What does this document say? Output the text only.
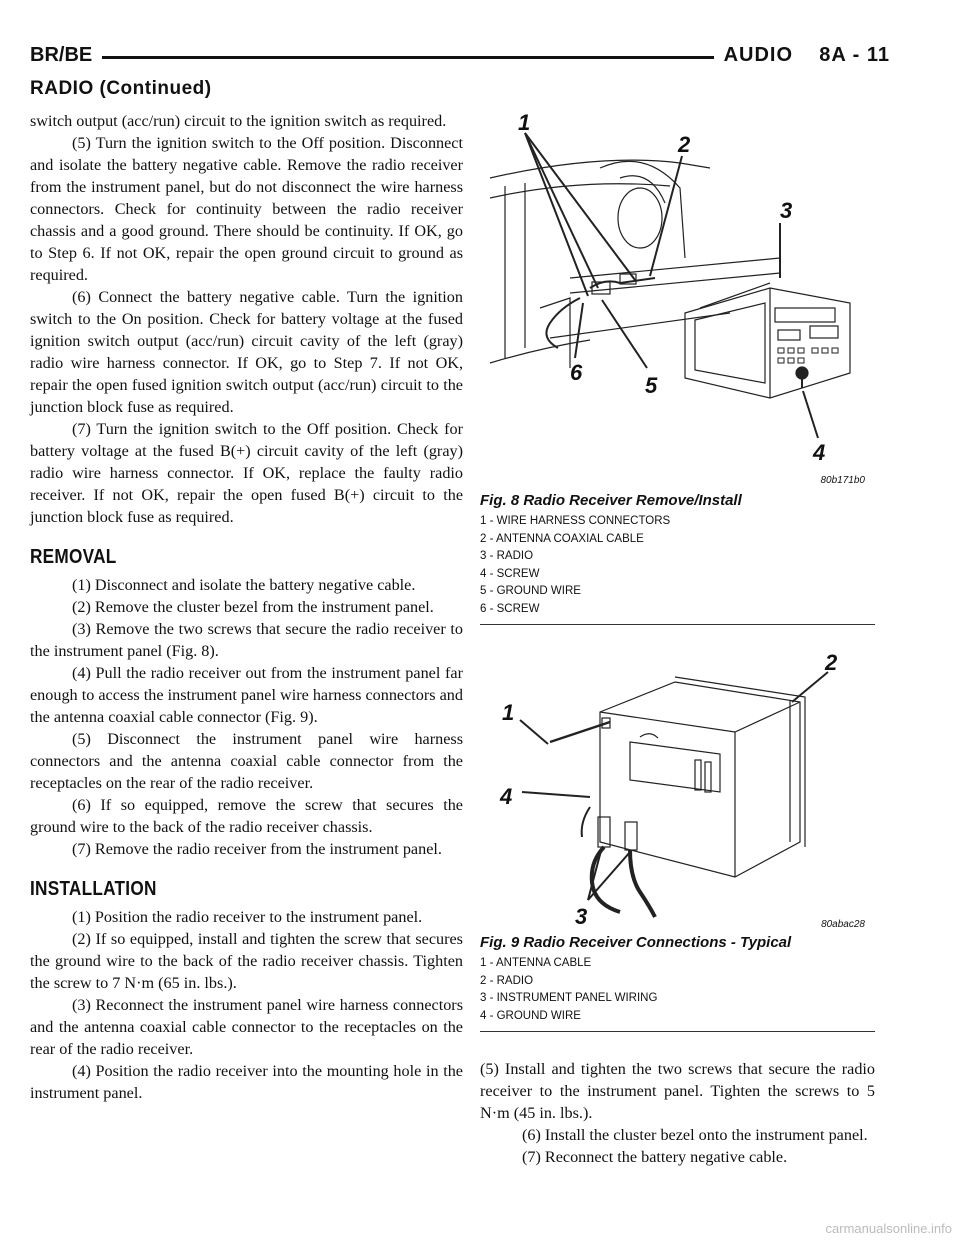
BR/BE	AUDIO    8A - 11
RADIO (Continued)

switch output (acc/run) circuit to the ignition switch as required.

(5) Turn the ignition switch to the Off position. Disconnect and isolate the battery negative cable. Remove the radio receiver from the instrument panel, but do not disconnect the wire harness connectors. Check for continuity between the radio receiver chassis and a good ground. There should be continuity. If OK, go to Step 6. If not OK, repair the open ground circuit to ground as required.

(6) Connect the battery negative cable. Turn the ignition switch to the On position. Check for battery voltage at the fused ignition switch output (acc/run) circuit cavity of the left (gray) radio wire harness connector. If OK, go to Step 7. If not OK, repair the open fused ignition switch output (acc/run) circuit to the junction block fuse as required.

(7) Turn the ignition switch to the Off position. Check for battery voltage at the fused B(+) circuit cavity of the left (gray) radio wire harness connector. If OK, replace the faulty radio receiver. If not OK, repair the open fused B(+) circuit to the junction block fuse as required.

REMOVAL

(1) Disconnect and isolate the battery negative cable.

(2) Remove the cluster bezel from the instrument panel.

(3) Remove the two screws that secure the radio receiver to the instrument panel (Fig. 8).

(4) Pull the radio receiver out from the instrument panel far enough to access the instrument panel wire harness connectors and the antenna coaxial cable connector (Fig. 9).

(5) Disconnect the instrument panel wire harness connectors and the antenna coaxial cable connector from the receptacles on the rear of the radio receiver.

(6) If so equipped, remove the screw that secures the ground wire to the back of the radio receiver chassis.

(7) Remove the radio receiver from the instrument panel.

INSTALLATION

(1) Position the radio receiver to the instrument panel.

(2) If so equipped, install and tighten the screw that secures the ground wire to the back of the radio receiver chassis. Tighten the screw to 7 N·m (65 in. lbs.).

(3) Reconnect the instrument panel wire harness connectors and the antenna coaxial cable connector to the receptacles on the rear of the radio receiver.

(4) Position the radio receiver into the mounting hole in the instrument panel.

1
2
3
4
5
6
80b171b0
Fig. 8 Radio Receiver Remove/Install
1 - WIRE HARNESS CONNECTORS
2 - ANTENNA COAXIAL CABLE
3 - RADIO
4 - SCREW
5 - GROUND WIRE
6 - SCREW
1
2
3
4
80abac28
Fig. 9 Radio Receiver Connections - Typical
1 - ANTENNA CABLE
2 - RADIO
3 - INSTRUMENT PANEL WIRING
4 - GROUND WIRE

(5) Install and tighten the two screws that secure the radio receiver to the instrument panel. Tighten the screws to 5 N·m (45 in. lbs.).

(6) Install the cluster bezel onto the instrument panel.

(7) Reconnect the battery negative cable.

carmanualsonline.info
